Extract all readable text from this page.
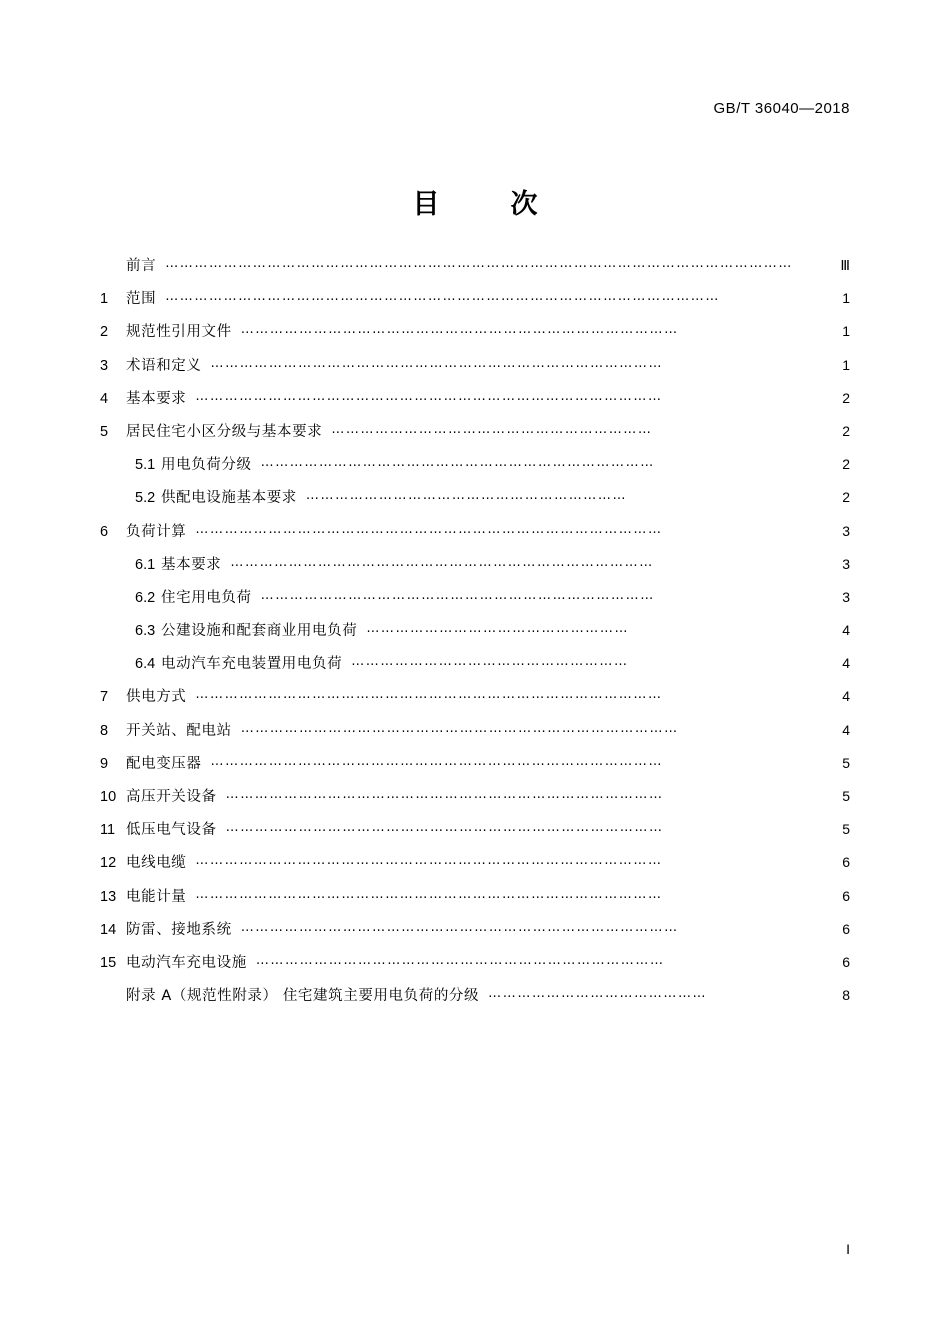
GB/T 36040—2018
目　次
前言 …………………………………………………………………………………………………………………	Ⅲ
1	范围 ……………………………………………………………………………………………………	1
2	规范性引用文件 ………………………………………………………………………………	1
3	术语和定义 …………………………………………………………………………………	1
4	基本要求 ……………………………………………………………………………………	2
5	居民住宅小区分级与基本要求 …………………………………………………………	2
5.1 用电负荷分级 ………………………………………………………………………	2
5.2 供配电设施基本要求 …………………………………………………………	2
6	负荷计算 ……………………………………………………………………………………	3
6.1 基本要求 ……………………………………………………………………………	3
6.2 住宅用电负荷 ………………………………………………………………………	3
6.3 公建设施和配套商业用电负荷 ………………………………………………	4
6.4 电动汽车充电装置用电负荷 …………………………………………………	4
7	供电方式 ……………………………………………………………………………………	4
8	开关站、配电站 ………………………………………………………………………………	4
9	配电变压器 …………………………………………………………………………………	5
10 高压开关设备 ………………………………………………………………………………	5
11 低压电气设备 ………………………………………………………………………………	5
12 电线电缆 ……………………………………………………………………………………	6
13 电能计量 ……………………………………………………………………………………	6
14 防雷、接地系统 ………………………………………………………………………………	6
15 电动汽车充电设施 …………………………………………………………………………	6
附录 A（规范性附录） 住宅建筑主要用电负荷的分级 ………………………………………	8
I
